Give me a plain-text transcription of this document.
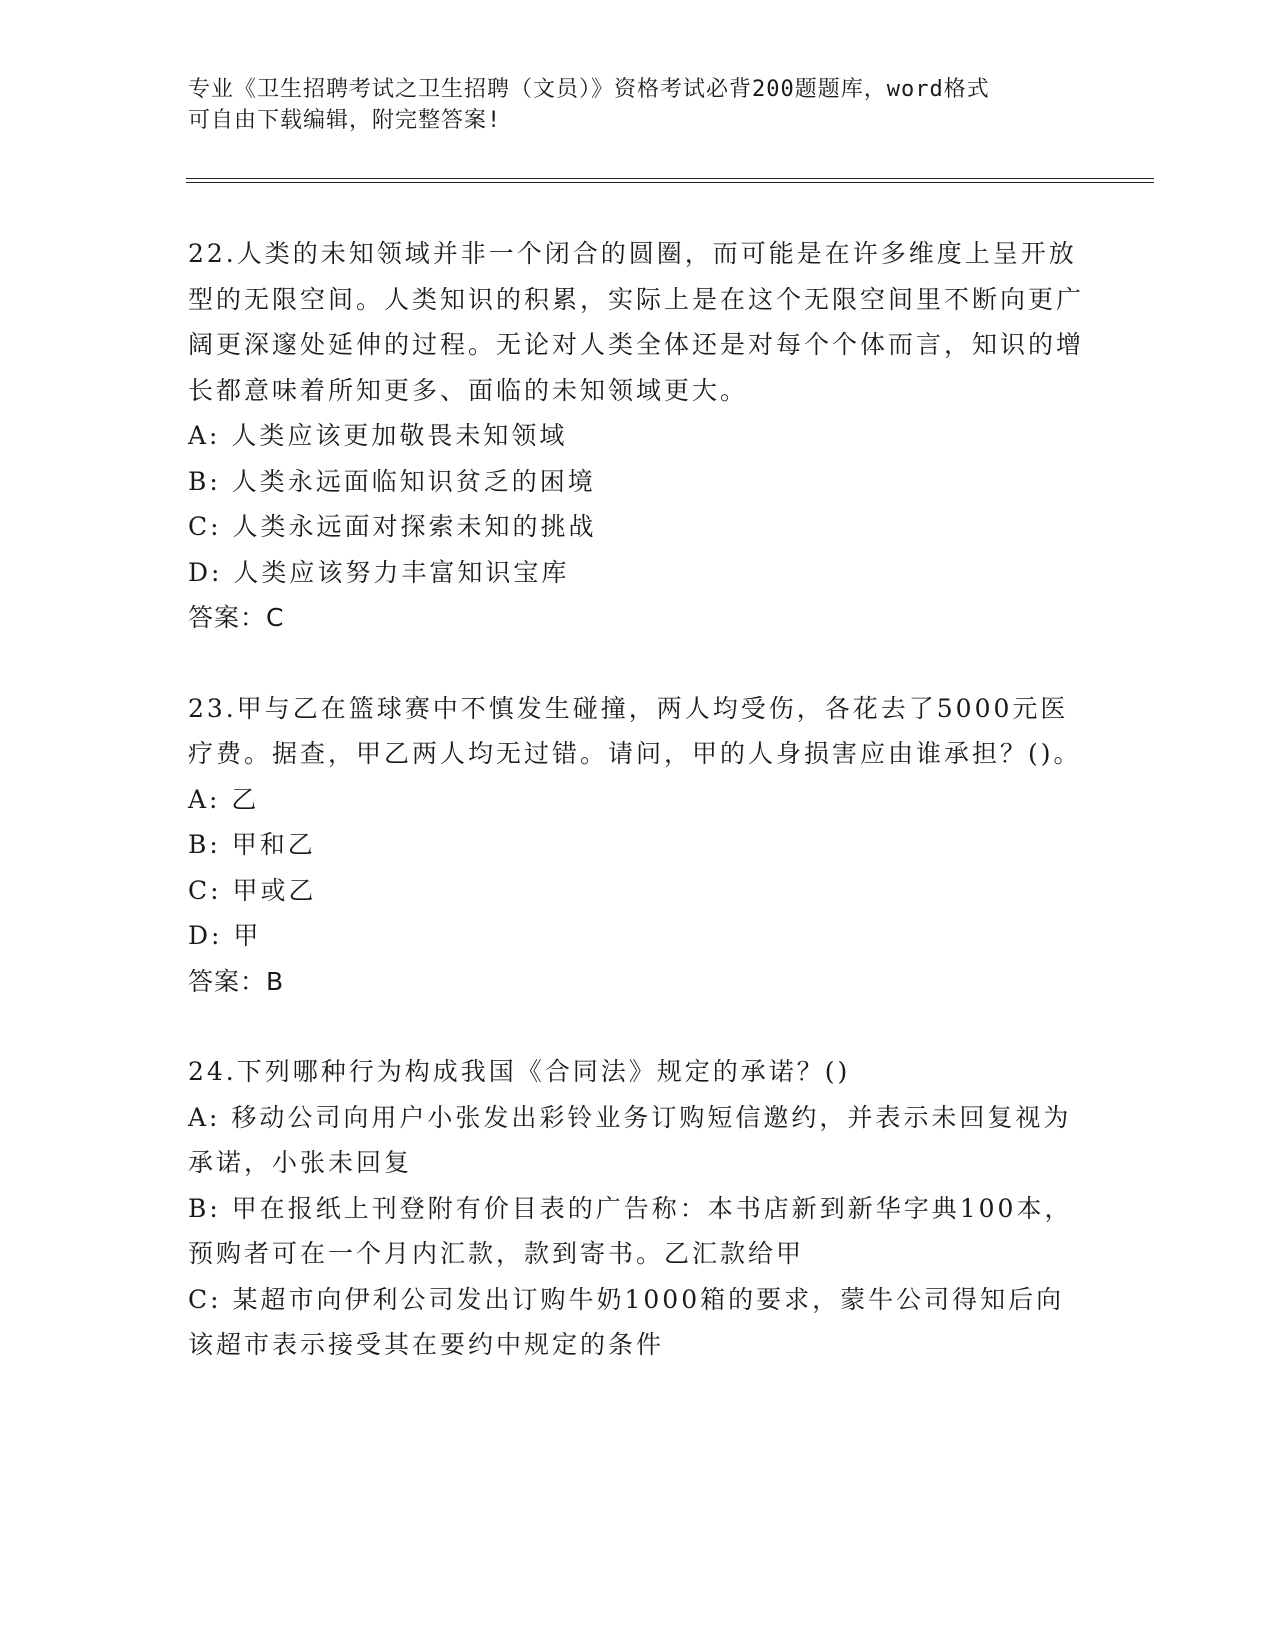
专业《卫生招聘考试之卫生招聘（文员）》资格考试必背200题题库，word格式
可自由下载编辑，附完整答案!
22.人类的未知领域并非一个闭合的圆圈，而可能是在许多维度上呈开放型的无限空间。人类知识的积累，实际上是在这个无限空间里不断向更广阔更深邃处延伸的过程。无论对人类全体还是对每个个体而言，知识的增长都意味着所知更多、面临的未知领域更大。
A: 人类应该更加敬畏未知领域
B: 人类永远面临知识贫乏的困境
C: 人类永远面对探索未知的挑战
D: 人类应该努力丰富知识宝库
答案：C
23.甲与乙在篮球赛中不慎发生碰撞，两人均受伤，各花去了5000元医疗费。据查，甲乙两人均无过错。请问，甲的人身损害应由谁承担？()。
A: 乙
B: 甲和乙
C: 甲或乙
D: 甲
答案：B
24.下列哪种行为构成我国《合同法》规定的承诺？()
A: 移动公司向用户小张发出彩铃业务订购短信邀约，并表示未回复视为承诺，小张未回复
B: 甲在报纸上刊登附有价目表的广告称：本书店新到新华字典100本，预购者可在一个月内汇款，款到寄书。乙汇款给甲
C: 某超市向伊利公司发出订购牛奶1000箱的要求，蒙牛公司得知后向该超市表示接受其在要约中规定的条件
